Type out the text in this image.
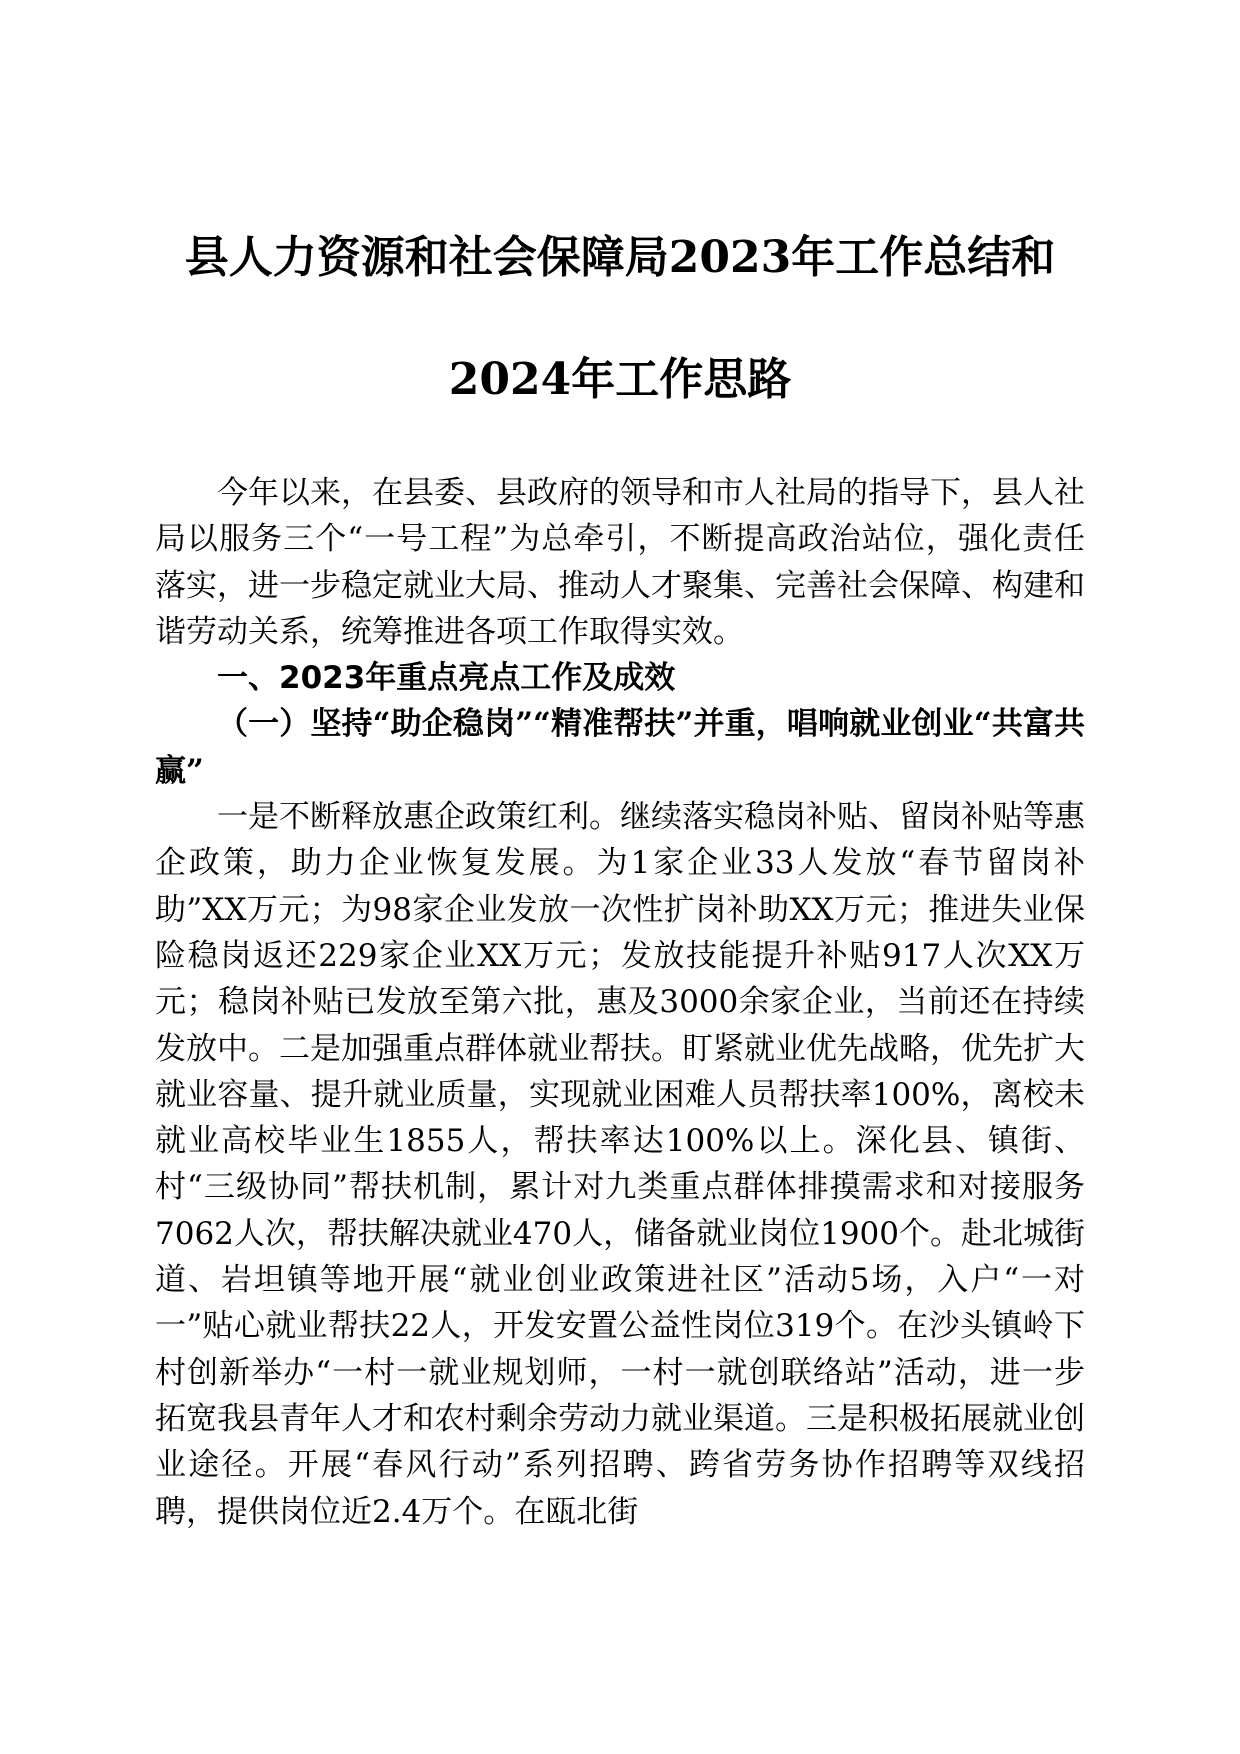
县人力资源和社会保障局2023年工作总结和
2024年工作思路

今年以来，在县委、县政府的领导和市人社局的指导下，县人社局以服务三个“一号工程”为总牵引，不断提高政治站位，强化责任落实，进一步稳定就业大局、推动人才聚集、完善社会保障、构建和谐劳动关系，统筹推进各项工作取得实效。

一、2023年重点亮点工作及成效

（一）坚持“助企稳岗”“精准帮扶”并重，唱响就业创业“共富共赢”

一是不断释放惠企政策红利。继续落实稳岗补贴、留岗补贴等惠企政策，助力企业恢复发展。为1家企业33人发放“春节留岗补助”XX万元；为98家企业发放一次性扩岗补助XX万元；推进失业保险稳岗返还229家企业XX万元；发放技能提升补贴917人次XX万元；稳岗补贴已发放至第六批，惠及3000余家企业，当前还在持续发放中。二是加强重点群体就业帮扶。盯紧就业优先战略，优先扩大就业容量、提升就业质量，实现就业困难人员帮扶率100%，离校未就业高校毕业生1855人，帮扶率达100%以上。深化县、镇街、村“三级协同”帮扶机制，累计对九类重点群体排摸需求和对接服务7062人次，帮扶解决就业470人，储备就业岗位1900个。赴北城街道、岩坦镇等地开展“就业创业政策进社区”活动5场，入户“一对一”贴心就业帮扶22人，开发安置公益性岗位319个。在沙头镇岭下村创新举办“一村一就业规划师，一村一就创联络站”活动，进一步拓宽我县青年人才和农村剩余劳动力就业渠道。三是积极拓展就业创业途径。开展“春风行动”系列招聘、跨省劳务协作招聘等双线招聘，提供岗位近2.4万个。在瓯北街
